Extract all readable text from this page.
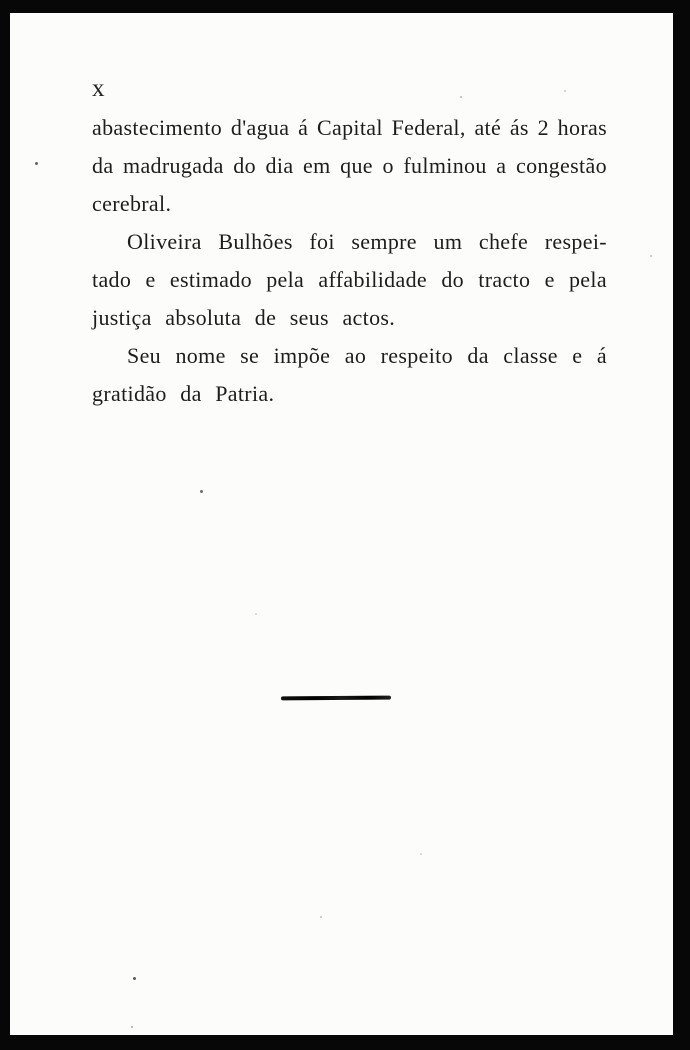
x
abastecimento d'agua á Capital Federal, até ás 2 horas
da madrugada do dia em que o fulminou a congestão
cerebral.
Oliveira Bulhões foi sempre um chefe respei-
tado e estimado pela affabilidade do tracto e pela
justiça absoluta de seus actos.
Seu nome se impõe ao respeito da classe e á
gratidão da Patria.
